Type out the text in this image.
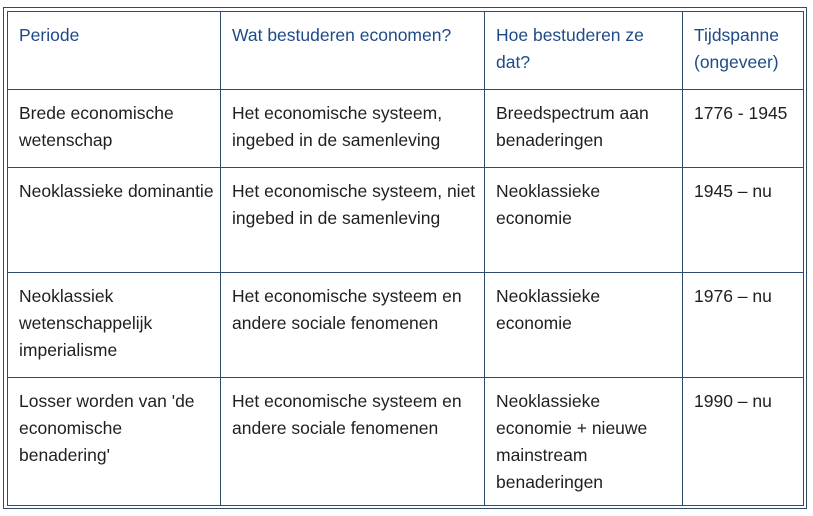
Periode	Wat bestuderen economen?	Hoe bestuderen ze dat?	Tijdspanne (ongeveer)
Brede economische wetenschap	Het economische systeem, ingebed in de samenleving	Breedspectrum aan benaderingen	1776 - 1945
Neoklassieke dominantie	Het economische systeem, niet ingebed in de samenleving	Neoklassieke economie	1945 – nu
Neoklassiek wetenschappelijk imperialisme	Het economische systeem en andere sociale fenomenen	Neoklassieke economie	1976 – nu
Losser worden van 'de economische benadering'	Het economische systeem en andere sociale fenomenen	Neoklassieke economie + nieuwe mainstream benaderingen	1990 – nu
